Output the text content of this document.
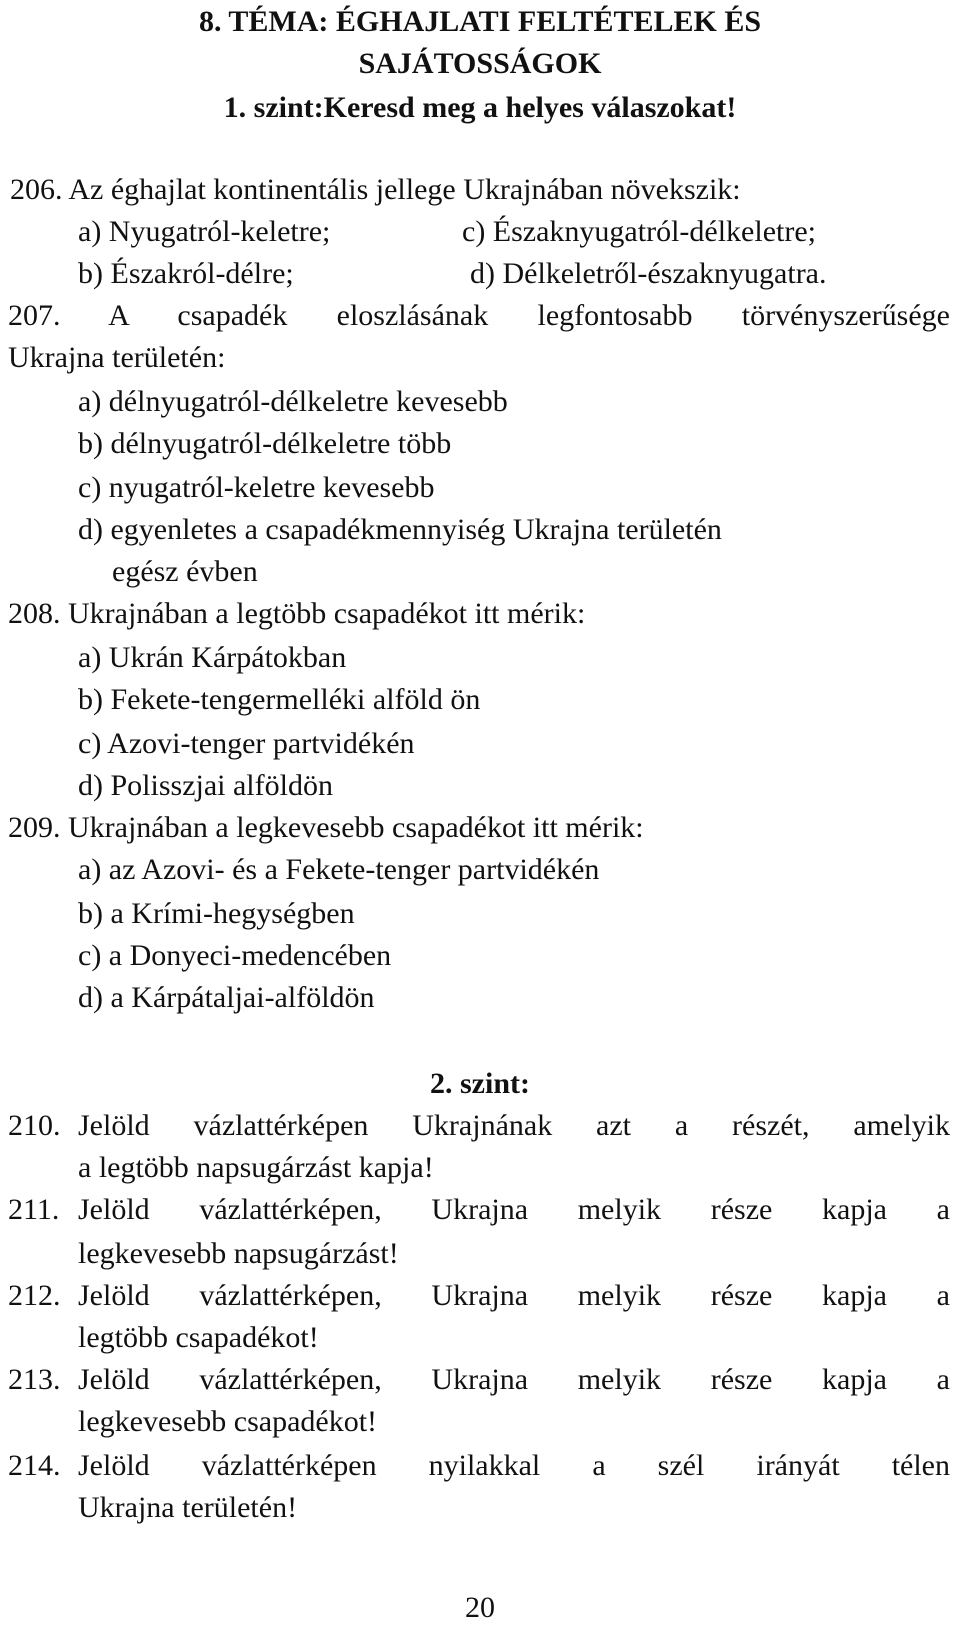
8. TÉMA: ÉGHAJLATI FELTÉTELEK ÉS
SAJÁTOSSÁGOK
1. szint:Keresd meg a helyes válaszokat!
206. Az éghajlat kontinentális jellege Ukrajnában növekszik:
a) Nyugatról-keletre;	c) Északnyugatról-délkeletre;
b) Északról-délre;	d) Délkeletről-északnyugatra.
207. A csapadék eloszlásának legfontosabb törvényszerűsége
Ukrajna területén:
a) délnyugatról-délkeletre kevesebb
b) délnyugatról-délkeletre több
c) nyugatról-keletre kevesebb
d) egyenletes a csapadékmennyiség Ukrajna területén
egész évben
208. Ukrajnában a legtöbb csapadékot itt mérik:
a) Ukrán Kárpátokban
b) Fekete-tengermelléki alföld ön
c) Azovi-tenger partvidékén
d) Polisszjai alföldön
209. Ukrajnában a legkevesebb csapadékot itt mérik:
a) az Azovi- és a Fekete-tenger partvidékén
b) a Krími-hegységben
c) a Donyeci-medencében
d) a Kárpátaljai-alföldön
2. szint:
210. Jelöld vázlattérképen Ukrajnának azt a részét, amelyik
a legtöbb napsugárzást kapja!
211. Jelöld vázlattérképen, Ukrajna melyik része kapja a
legkevesebb napsugárzást!
212. Jelöld vázlattérképen, Ukrajna melyik része kapja a
legtöbb csapadékot!
213. Jelöld vázlattérképen, Ukrajna melyik része kapja a
legkevesebb csapadékot!
214. Jelöld vázlattérképen nyilakkal a szél irányát télen
Ukrajna területén!
20
